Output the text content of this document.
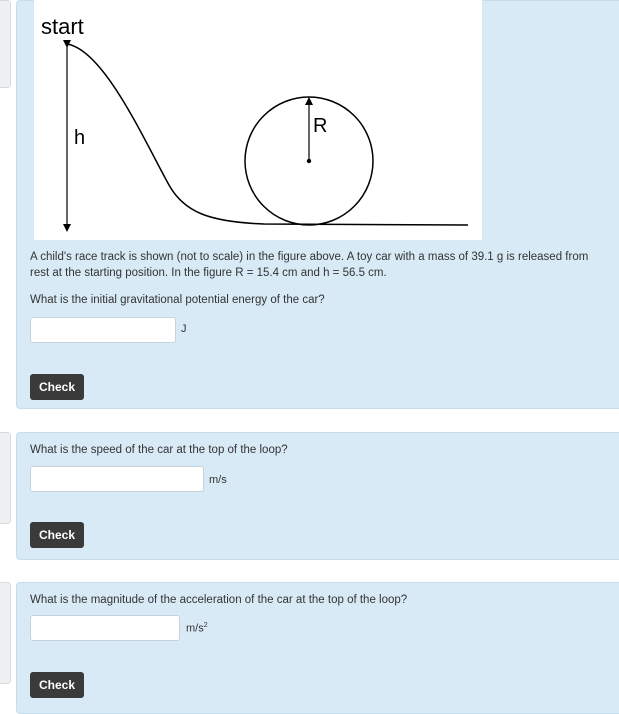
start
h
R
A child's race track is shown (not to scale) in the figure above. A toy car with a mass of 39.1 g is released from rest at the starting position. In the figure R = 15.4 cm and h = 56.5 cm.
What is the initial gravitational potential energy of the car?
J
Check
What is the speed of the car at the top of the loop?
m/s
Check
What is the magnitude of the acceleration of the car at the top of the loop?
$m/s^2$
Check
